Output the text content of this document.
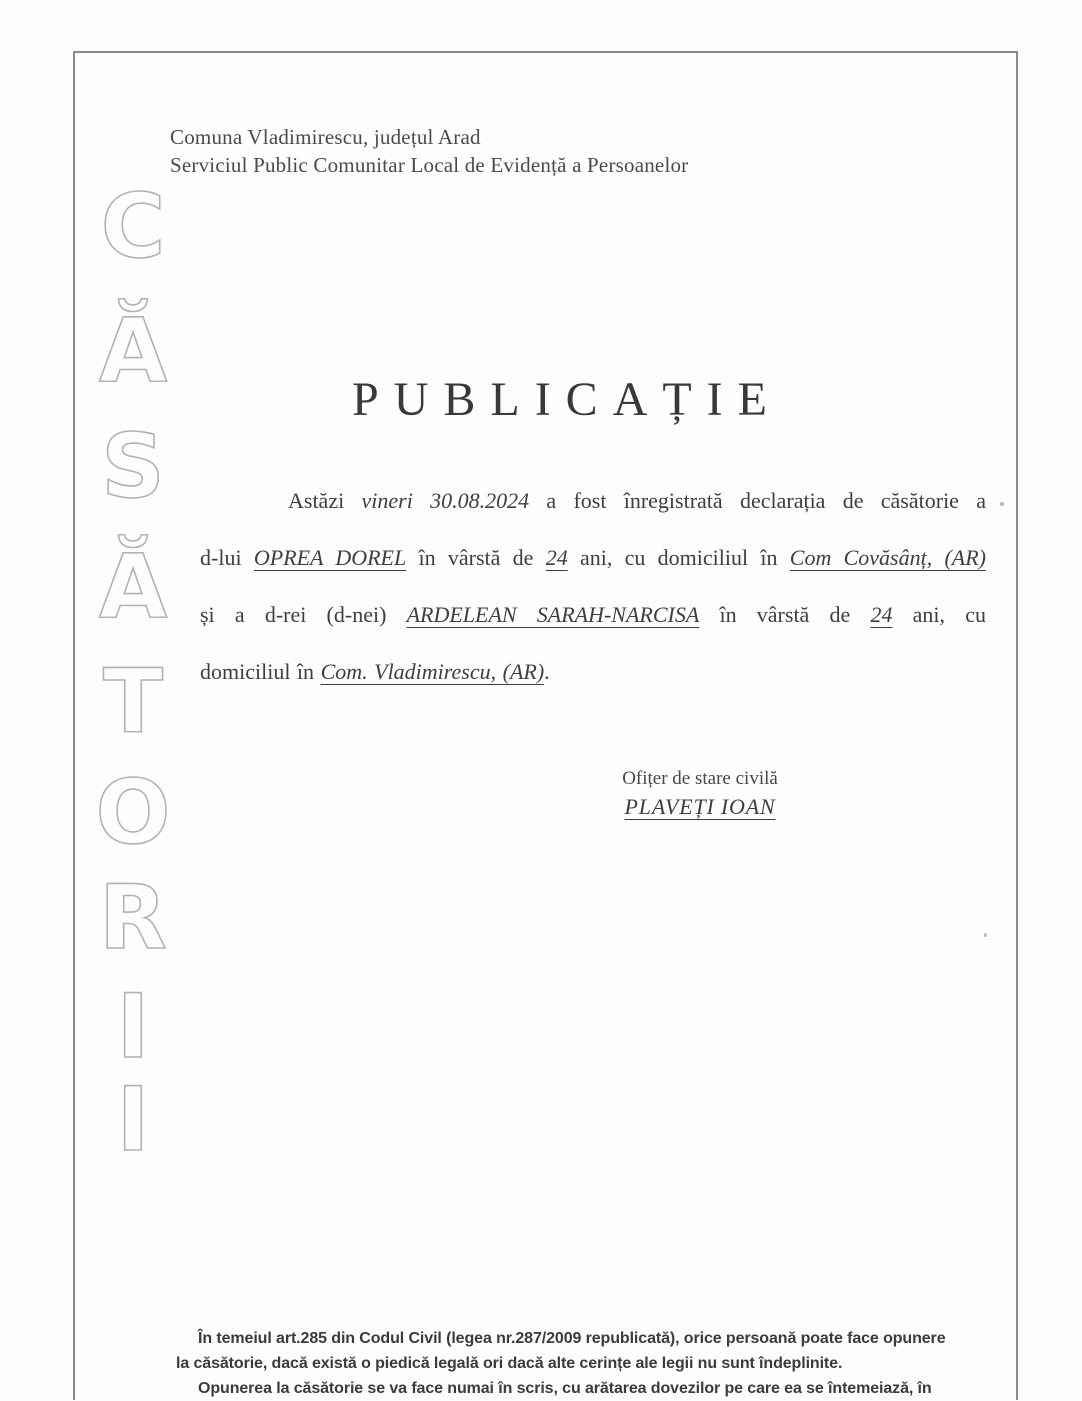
Comuna Vladimirescu, județul Arad
Serviciul Public Comunitar Local de Evidență a Persoanelor
C
Ă
S
Ă
T
O
R
I
I
PUBLICAȚIE
Astăzi vineri 30.08.2024 a fost înregistrată declarația de căsătorie a
d-lui OPREA DOREL în vârstă de 24 ani, cu domiciliul în Com Covăsânț, (AR)
și a d-rei (d-nei) ARDELEAN SARAH-NARCISA în vârstă de 24 ani, cu
domiciliul în Com. Vladimirescu, (AR).
Ofițer de stare civilă
PLAVEȚI IOAN
În temeiul art.285 din Codul Civil (legea nr.287/2009 republicată), orice persoană poate face opunere
la căsătorie, dacă există o piedică legală ori dacă alte cerințe ale legii nu sunt îndeplinite.
Opunerea la căsătorie se va face numai în scris, cu arătarea dovezilor pe care ea se întemeiază, în
